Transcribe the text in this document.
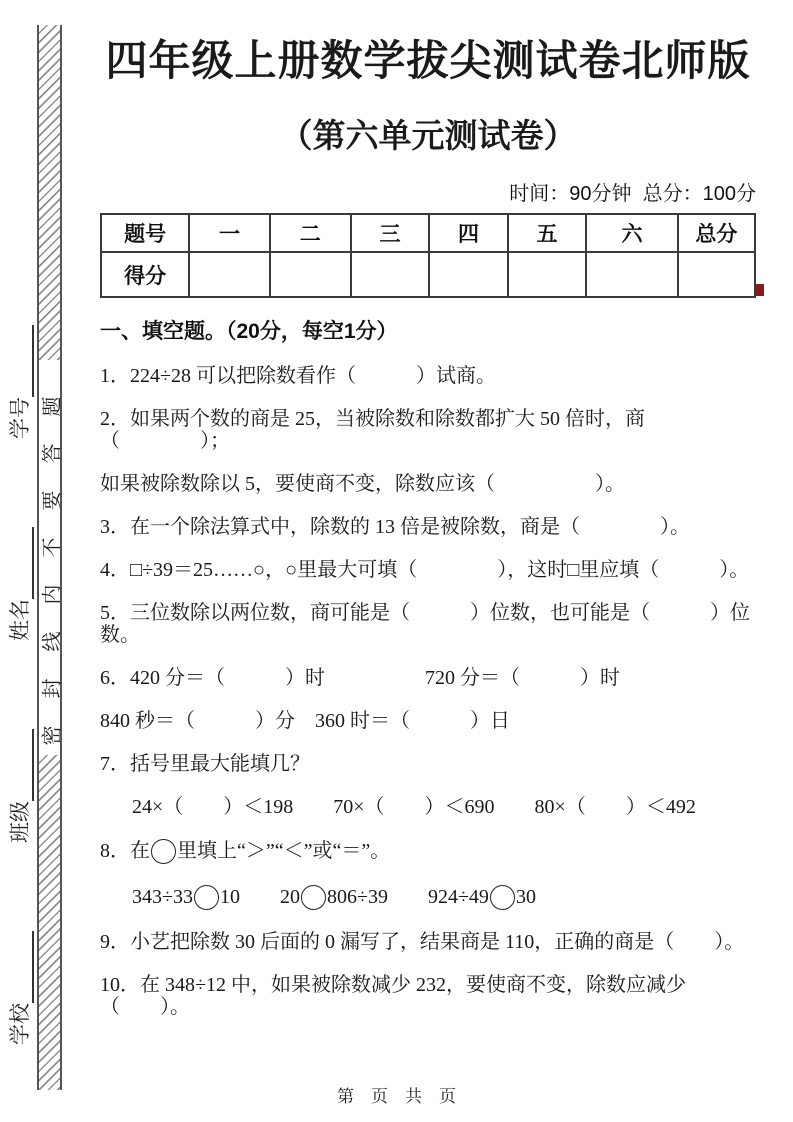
密封线内不要答题
学号
姓名
班级
学校
四年级上册数学拔尖测试卷北师版
（第六单元测试卷）
时间：90分钟  总分：100分
题号	一	二	三	四	五	六	总分
得分							
一、填空题。（20分，每空1分）
1．224÷28 可以把除数看作（　　　）试商。
2．如果两个数的商是 25，当被除数和除数都扩大 50 倍时，商（　　　　）；
如果被除数除以 5，要使商不变，除数应该（　　　　　）。
3．在一个除法算式中，除数的 13 倍是被除数，商是（　　　　）。
4．□÷39＝25……○，○里最大可填（　　　　），这时□里应填（　　　）。
5．三位数除以两位数，商可能是（　　　）位数，也可能是（　　　）位数。
6．420 分＝（　　　）时　　　　　720 分＝（　　　）时
840 秒＝（　　　）分　360 时＝（　　　）日
7．括号里最大能填几？
24×（　　）＜198　　70×（　　）＜690　　80×（　　）＜492
8．在 里填上“＞”“＜”或“＝”。
343÷33 10　　20 806÷39　　924÷49 30
9．小艺把除数 30 后面的 0 漏写了，结果商是 110，正确的商是（　　）。
10．在 348÷12 中，如果被除数减少 232，要使商不变，除数应减少（　　）。
第　页　共　页
